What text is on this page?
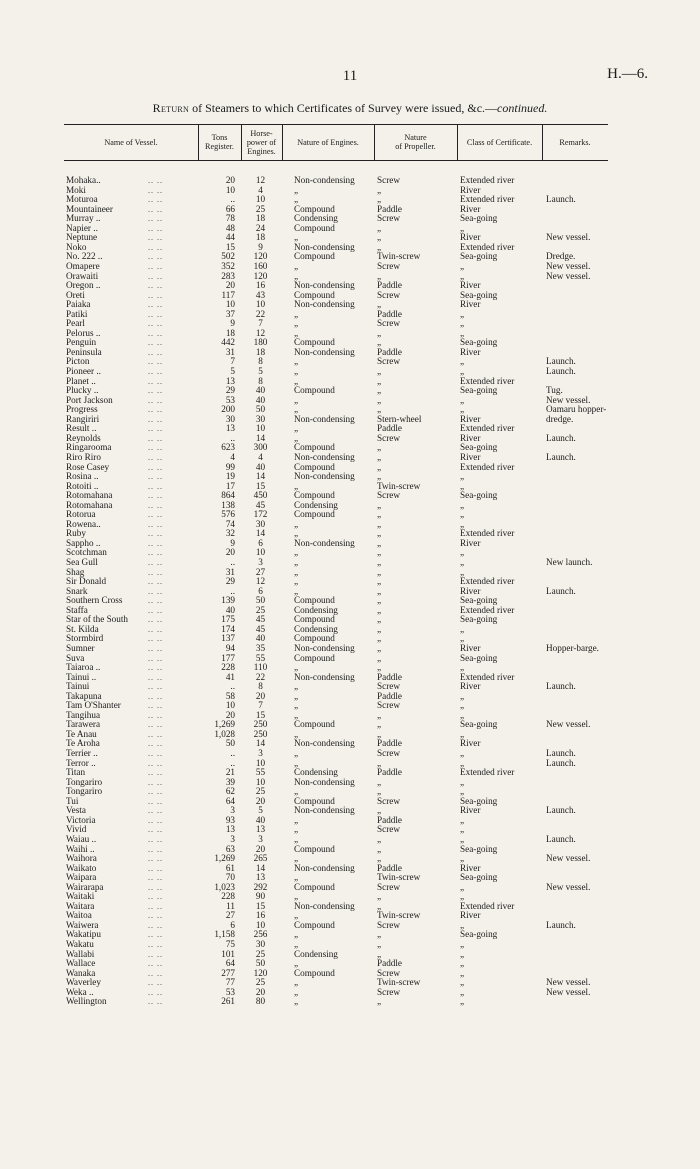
11	H.—6.
Return of Steamers to which Certificates of Survey were issued, &c.—continued.
Name of Vessel.	Tons
Register.
Horse-
power of
Engines.
Nature of Engines.	Nature
of Propeller.	Class of Certificate.	Remarks.
.. ..
Mohaka..	20	12	Non-condensing	Screw	Extended river
.. ..
Moki	10	4	„	„	River
.. ..
Moturoa	..	10	„	„	Extended river	Launch.
.. ..
Mountaineer	66	25	Compound	Paddle	River
.. ..
Murray ..	78	18	Condensing	Screw	Sea-going
.. ..
Napier ..	48	24	Compound	„	„
.. ..
Neptune	44	18	„	„	River	New vessel.
.. ..
Noko	15	9	Non-condensing	„	Extended river
.. ..
No. 222 ..	502	120	Compound	Twin-screw	Sea-going	Dredge.
.. ..
Omapere	352	160	„	Screw	„	New vessel.
.. ..
Orawaiti	283	120	„	„	„	New vessel.
.. ..
Oregon ..	20	16	Non-condensing	Paddle	River
.. ..
Oreti	117	43	Compound	Screw	Sea-going
.. ..
Paiaka	10	10	Non-condensing	„	River
.. ..
Patiki	37	22	„	Paddle	„
.. ..
Pearl	9	7	„	Screw	„
.. ..
Pelorus ..	18	12	„	„	„
.. ..
Penguin	442	180	Compound	„	Sea-going
.. ..
Peninsula	31	18	Non-condensing	Paddle	River
.. ..
Picton	7	8	„	Screw	„	Launch.
.. ..
Pioneer ..	5	5	„	„	„	Launch.
.. ..
Planet ..	13	8	„	„	Extended river
.. ..
Plucky ..	29	40	Compound	„	Sea-going	Tug.
.. ..
Port Jackson	53	40	„	„	„	New vessel.
.. ..
Progress	200	50	„	„	„	Oamaru hopper-
.. ..
Rangiriri	30	30	Non-condensing	Stern-wheel	River	dredge.
.. ..
Result ..	13	10	„	Paddle	Extended river
.. ..
Reynolds	..	14	„	Screw	River	Launch.
.. ..
Ringarooma	623	300	Compound	„	Sea-going
.. ..
Riro Riro	4	4	Non-condensing	„	River	Launch.
.. ..
Rose Casey	99	40	Compound	„	Extended river
.. ..
Rosina ..	19	14	Non-condensing	„	„
.. ..
Rotoiti ..	17	15	„	Twin-screw	„
.. ..
Rotomahana	864	450	Compound	Screw	Sea-going
.. ..
Rotomahana	138	45	Condensing	„	„
.. ..
Rotorua	576	172	Compound	„	„
.. ..
Rowena..	74	30	„	„	„
.. ..
Ruby	32	14	„	„	Extended river
.. ..
Sappho ..	9	6	Non-condensing	„	River
.. ..
Scotchman	20	10	„	„	„
.. ..
Sea Gull	..	3	„	„	„	New launch.
.. ..
Shag	31	27	„	„	„
.. ..
Sir Donald	29	12	„	„	Extended river
.. ..
Snark	..	6	„	„	River	Launch.
.. ..
Southern Cross	139	50	Compound	„	Sea-going
.. ..
Staffa	40	25	Condensing	„	Extended river
.. ..
Star of the South	175	45	Compound	„	Sea-going
.. ..
St. Kilda	174	45	Condensing	„	„
.. ..
Stormbird	137	40	Compound	„	„
.. ..
Sumner	94	35	Non-condensing	„	River	Hopper-barge.
.. ..
Suva	177	55	Compound	„	Sea-going
.. ..
Taiaroa ..	228	110	„	„	„
.. ..
Tainui ..	41	22	Non-condensing	Paddle	Extended river
.. ..
Tainui	..	8	„	Screw	River	Launch.
.. ..
Takapuna	58	20	„	Paddle	„
.. ..
Tam O'Shanter	10	7	„	Screw	„
.. ..
Tangihua	20	15	„	„	„
.. ..
Tarawera	1,269	250	Compound	„	Sea-going	New vessel.
.. ..
Te Anau	1,028	250	„	„	„
.. ..
Te Aroha	50	14	Non-condensing	Paddle	River
.. ..
Terrier ..	..	3	„	Screw	„	Launch.
.. ..
Terror ..	..	10	„	„	„	Launch.
.. ..
Titan	21	55	Condensing	Paddle	Extended river
.. ..
Tongariro	39	10	Non-condensing	„	„
.. ..
Tongariro	62	25	„	„	„
.. ..
Tui	64	20	Compound	Screw	Sea-going
.. ..
Vesta	3	5	Non-condensing	„	River	Launch.
.. ..
Victoria	93	40	„	Paddle	„
.. ..
Vivid	13	13	„	Screw	„
.. ..
Waiau ..	3	3	„	„	„	Launch.
.. ..
Waihi ..	63	20	Compound	„	Sea-going
.. ..
Waihora	1,269	265	„	„	„	New vessel.
.. ..
Waikato	61	14	Non-condensing	Paddle	River
.. ..
Waipara	70	13	„	Twin-screw	Sea-going
.. ..
Wairarapa	1,023	292	Compound	Screw	„	New vessel.
.. ..
Waitaki	228	90	„	„	„
.. ..
Waitara	11	15	Non-condensing	„	Extended river
.. ..
Waitoa	27	16	„	Twin-screw	River
.. ..
Waiwera	6	10	Compound	Screw	„	Launch.
.. ..
Wakatipu	1,158	256	„	„	Sea-going
.. ..
Wakatu	75	30	„	„	„
.. ..
Wallabi	101	25	Condensing	„	„
.. ..
Wallace	64	50	„	Paddle	„
.. ..
Wanaka	277	120	Compound	Screw	„
.. ..
Waverley	77	25	„	Twin-screw	„	New vessel.
.. ..
Weka ..	53	20	„	Screw	„	New vessel.
.. ..
Wellington	261	80	„	„	„
